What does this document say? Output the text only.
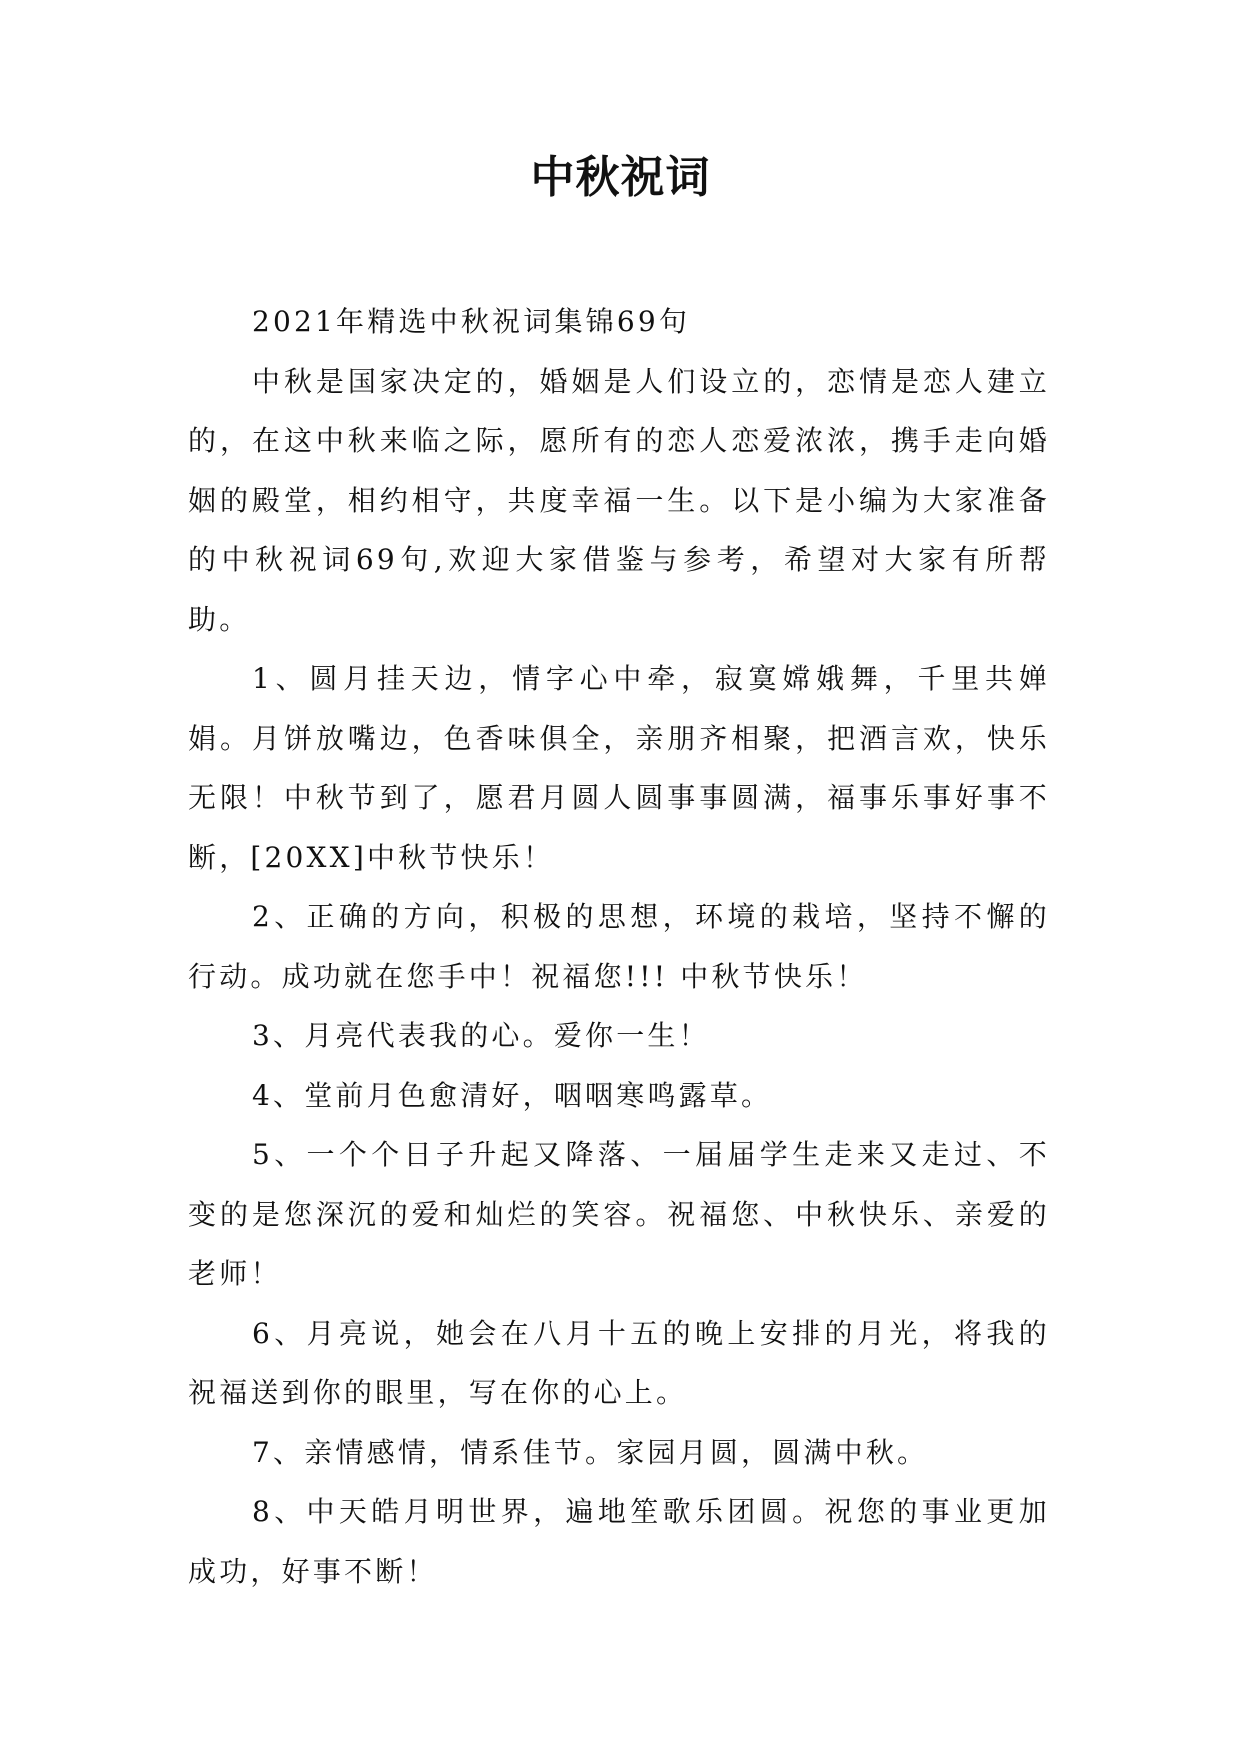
中秋祝词

2021年精选中秋祝词集锦69句

中秋是国家决定的，婚姻是人们设立的，恋情是恋人建立的，在这中秋来临之际，愿所有的恋人恋爱浓浓，携手走向婚姻的殿堂，相约相守，共度幸福一生。以下是小编为大家准备的中秋祝词69句,欢迎大家借鉴与参考，希望对大家有所帮助。

1、圆月挂天边，情字心中牵，寂寞嫦娥舞，千里共婵娟。月饼放嘴边，色香味俱全，亲朋齐相聚，把酒言欢，快乐无限！中秋节到了，愿君月圆人圆事事圆满，福事乐事好事不断，[20XX]中秋节快乐！

2、正确的方向，积极的思想，环境的栽培，坚持不懈的行动。成功就在您手中！祝福您!!! 中秋节快乐！

3、月亮代表我的心。爱你一生！

4、堂前月色愈清好，咽咽寒鸣露草。

5、一个个日子升起又降落、一届届学生走来又走过、不变的是您深沉的爱和灿烂的笑容。祝福您、中秋快乐、亲爱的老师！

6、月亮说，她会在八月十五的晚上安排的月光，将我的祝福送到你的眼里，写在你的心上。

7、亲情感情，情系佳节。家园月圆，圆满中秋。

8、中天皓月明世界，遍地笙歌乐团圆。祝您的事业更加成功，好事不断！
